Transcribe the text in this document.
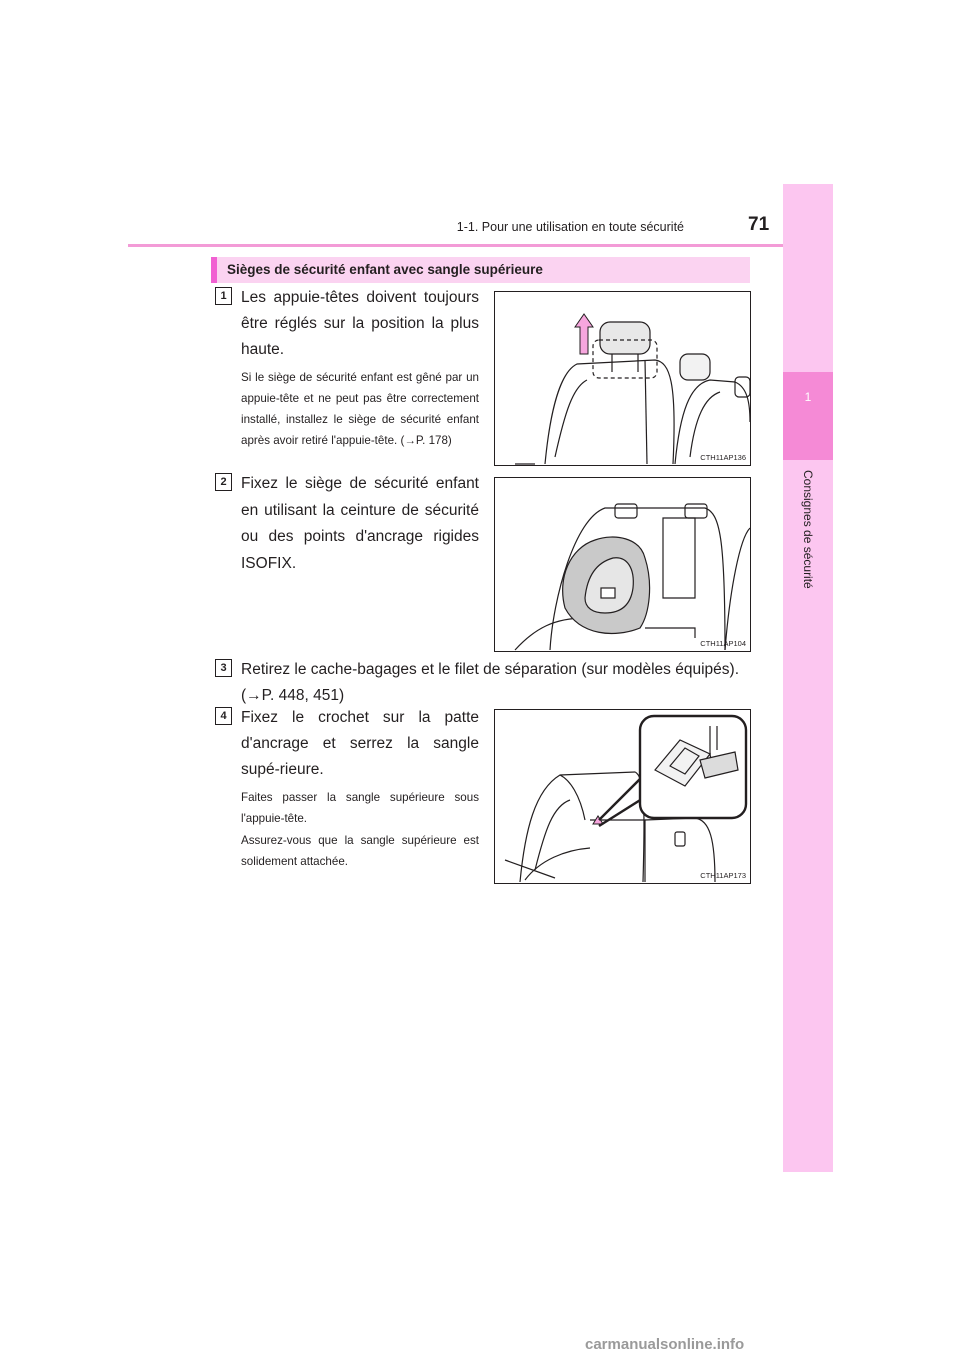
1-1. Pour une utilisation en toute sécurité	71
1
Consignes de sécurité
Sièges de sécurité enfant avec sangle supérieure
1 Les appuie-têtes doivent toujours être réglés sur la position la plus haute.
Si le siège de sécurité enfant est gêné par un appuie-tête et ne peut pas être correctement installé, installez le siège de sécurité enfant après avoir retiré l'appuie-tête. (→P. 178)
CTH11AP136
2 Fixez le siège de sécurité enfant en utilisant la ceinture de sécurité ou des points d'ancrage rigides ISOFIX.
CTH11AP104
3 Retirez le cache-bagages et le filet de séparation (sur modèles équipés).
(→P. 448, 451)
4 Fixez le crochet sur la patte d'ancrage et serrez la sangle supé-rieure.
Faites passer la sangle supérieure sous l'appuie-tête.
Assurez-vous que la sangle supérieure est solidement attachée.
CTH11AP173
carmanualsonline.info
